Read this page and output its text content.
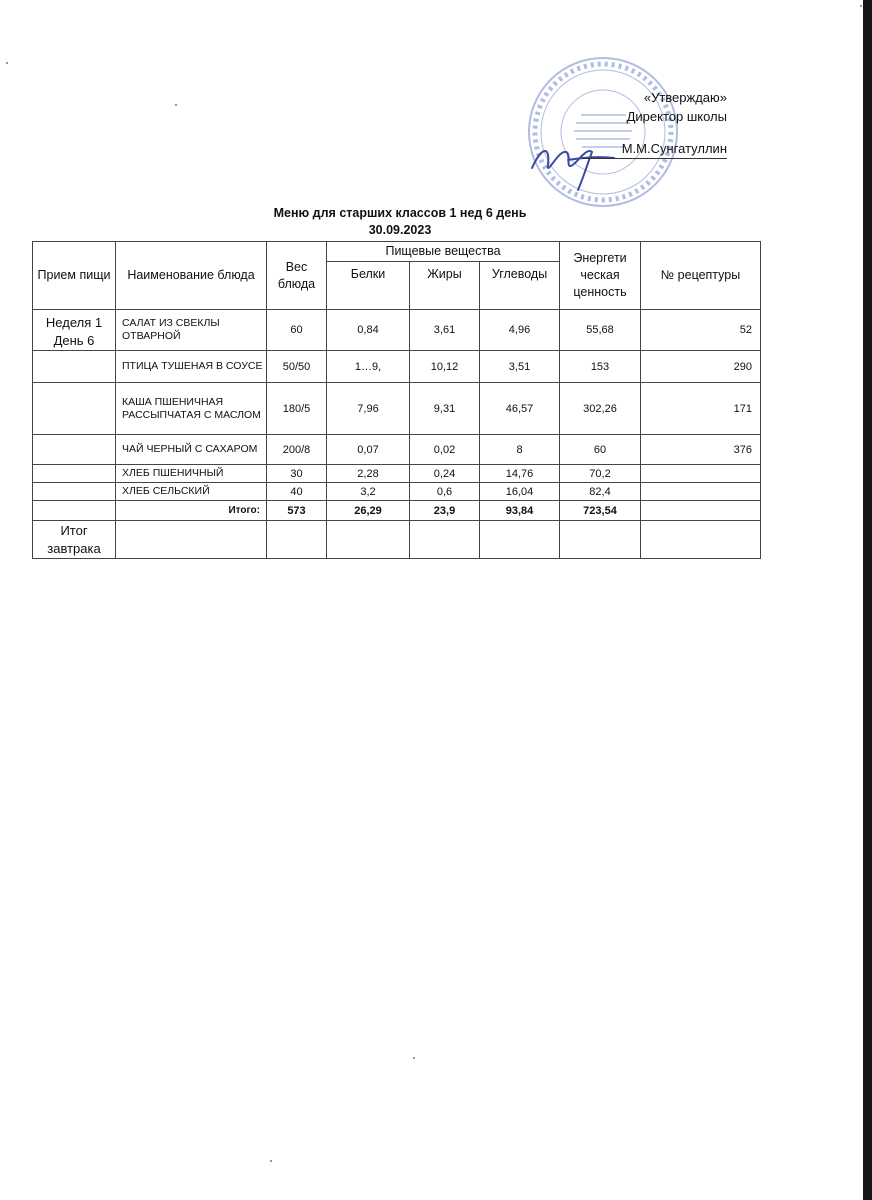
«Утверждаю»
Директор школы
М.М.Сунгатуллин
Меню для старших классов 1 нед 6 день
30.09.2023
Прием пищи	Наименование блюда	Вес блюда	Пищевые вещества			Энергети ческая ценность	№ рецептуры
			Белки	Жиры	Углеводы		
Неделя 1 День 6	САЛАТ ИЗ СВЕКЛЫ ОТВАРНОЙ	60	0,84	3,61	4,96	55,68	52
	ПТИЦА ТУШЕНАЯ В СОУСЕ	50/50	1…9,	10,12	3,51	153	290
	КАША ПШЕНИЧНАЯ РАССЫПЧАТАЯ С МАСЛОМ	180/5	7,96	9,31	46,57	302,26	171
	ЧАЙ ЧЕРНЫЙ С САХАРОМ	200/8	0,07	0,02	8	60	376
	ХЛЕБ ПШЕНИЧНЫЙ	30	2,28	0,24	14,76	70,2	
	ХЛЕБ СЕЛЬСКИЙ	40	3,2	0,6	16,04	82,4	
	Итого:	573	26,29	23,9	93,84	723,54	
Итог завтрака							
